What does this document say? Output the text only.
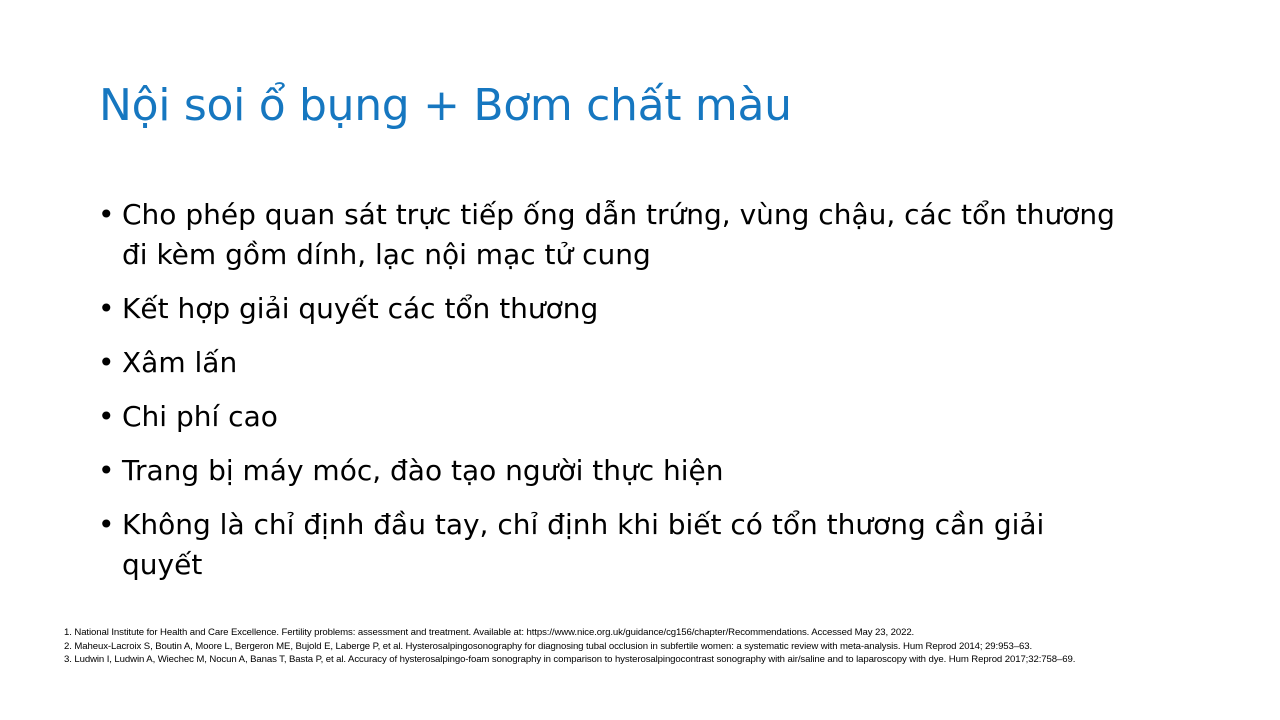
Nội soi ổ bụng + Bơm chất màu
• Cho phép quan sát trực tiếp ống dẫn trứng, vùng chậu, các tổn thương đi kèm gồm dính, lạc nội mạc tử cung
• Kết hợp giải quyết các tổn thương
• Xâm lấn
• Chi phí cao
• Trang bị máy móc, đào tạo người thực hiện
• Không là chỉ định đầu tay, chỉ định khi biết có tổn thương cần giải quyết
1. National Institute for Health and Care Excellence. Fertility problems: assessment and treatment. Available at: https://www.nice.org.uk/guidance/cg156/chapter/Recommendations. Accessed May 23, 2022.
2. Maheux-Lacroix S, Boutin A, Moore L, Bergeron ME, Bujold E, Laberge P, et al. Hysterosalpingosonography for diagnosing tubal occlusion in subfertile women: a systematic review with meta-analysis. Hum Reprod 2014; 29:953–63.
3. Ludwin I, Ludwin A, Wiechec M, Nocun A, Banas T, Basta P, et al. Accuracy of hysterosalpingo-foam sonography in comparison to hysterosalpingocontrast sonography with air/saline and to laparoscopy with dye. Hum Reprod 2017;32:758–69.
